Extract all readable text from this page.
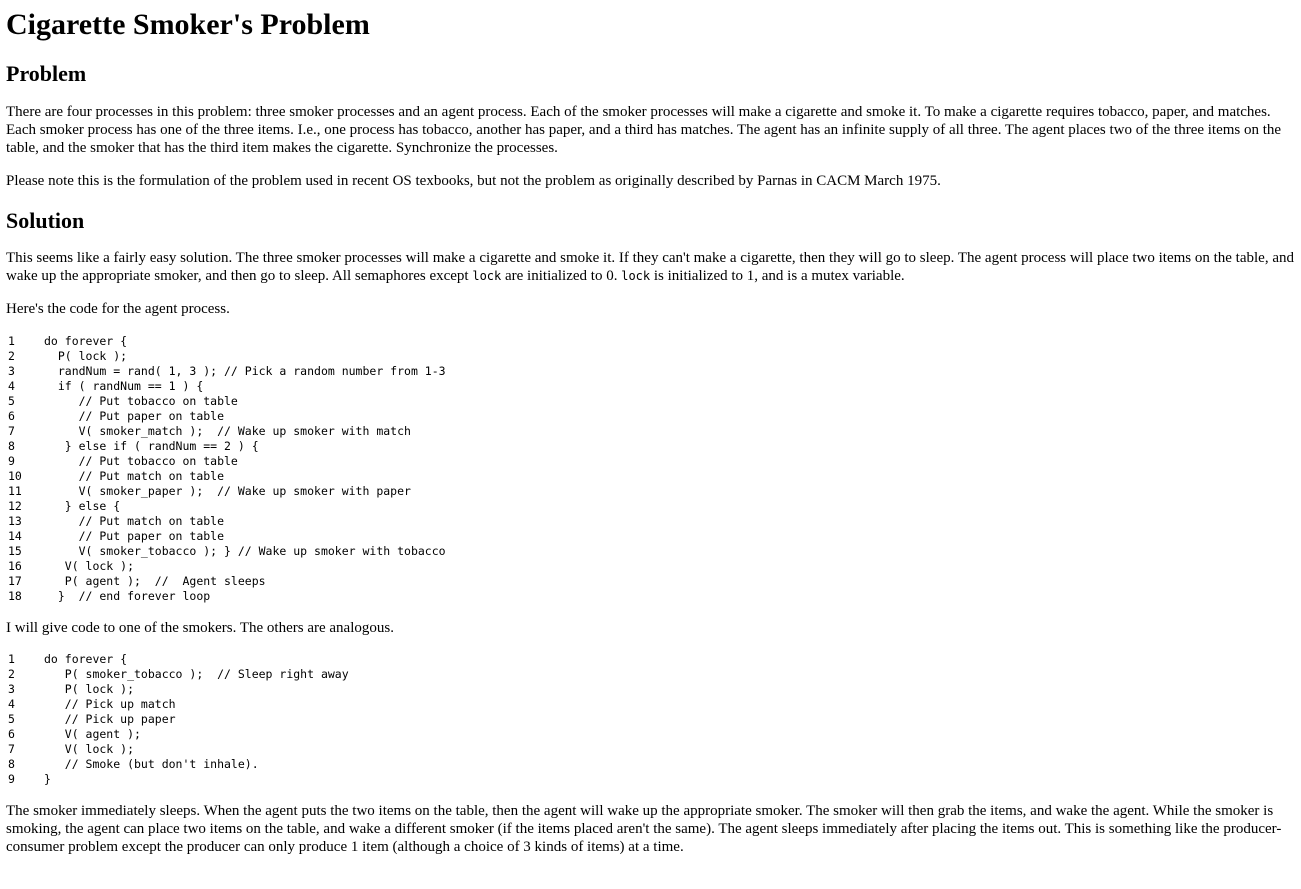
Cigarette Smoker's Problem
Problem

There are four processes in this problem: three smoker processes and an agent process. Each of the smoker processes will make a cigarette and smoke it. To make a cigarette requires tobacco, paper, and matches. Each smoker process has one of the three items. I.e., one process has tobacco, another has paper, and a third has matches. The agent has an infinite supply of all three. The agent places two of the three items on the table, and the smoker that has the third item makes the cigarette. Synchronize the processes.

Please note this is the formulation of the problem used in recent OS texbooks, but not the problem as originally described by Parnas in CACM March 1975.

Solution

This seems like a fairly easy solution. The three smoker processes will make a cigarette and smoke it. If they can't make a cigarette, then they will go to sleep. The agent process will place two items on the table, and wake up the appropriate smoker, and then go to sleep. All semaphores except lock are initialized to 0. lock is initialized to 1, and is a mutex variable.

Here's the code for the agent process.

1	do forever {
2	P( lock );
3	randNum = rand( 1, 3 ); // Pick a random number from 1-3
4	if ( randNum == 1 ) {
5	// Put tobacco on table
6	// Put paper on table
7	V( smoker_match );  // Wake up smoker with match
8	} else if ( randNum == 2 ) {
9	// Put tobacco on table
10     // Put match on table
11     V( smoker_paper );  // Wake up smoker with paper
12   } else {
13     // Put match on table
14     // Put paper on table
15     V( smoker_tobacco ); } // Wake up smoker with tobacco
16   V( lock );
17   P( agent );  //  Agent sleeps
18  }  // end forever loop

I will give code to one of the smokers. The others are analogous.

1	do forever {
2	P( smoker_tobacco );  // Sleep right away
3	P( lock );
4	// Pick up match
5	// Pick up paper
6	V( agent );
7	V( lock );
8	// Smoke (but don't inhale).
9	}

The smoker immediately sleeps. When the agent puts the two items on the table, then the agent will wake up the appropriate smoker. The smoker will then grab the items, and wake the agent. While the smoker is smoking, the agent can place two items on the table, and wake a different smoker (if the items placed aren't the same). The agent sleeps immediately after placing the items out. This is something like the producer-consumer problem except the producer can only produce 1 item (although a choice of 3 kinds of items) at a time.
